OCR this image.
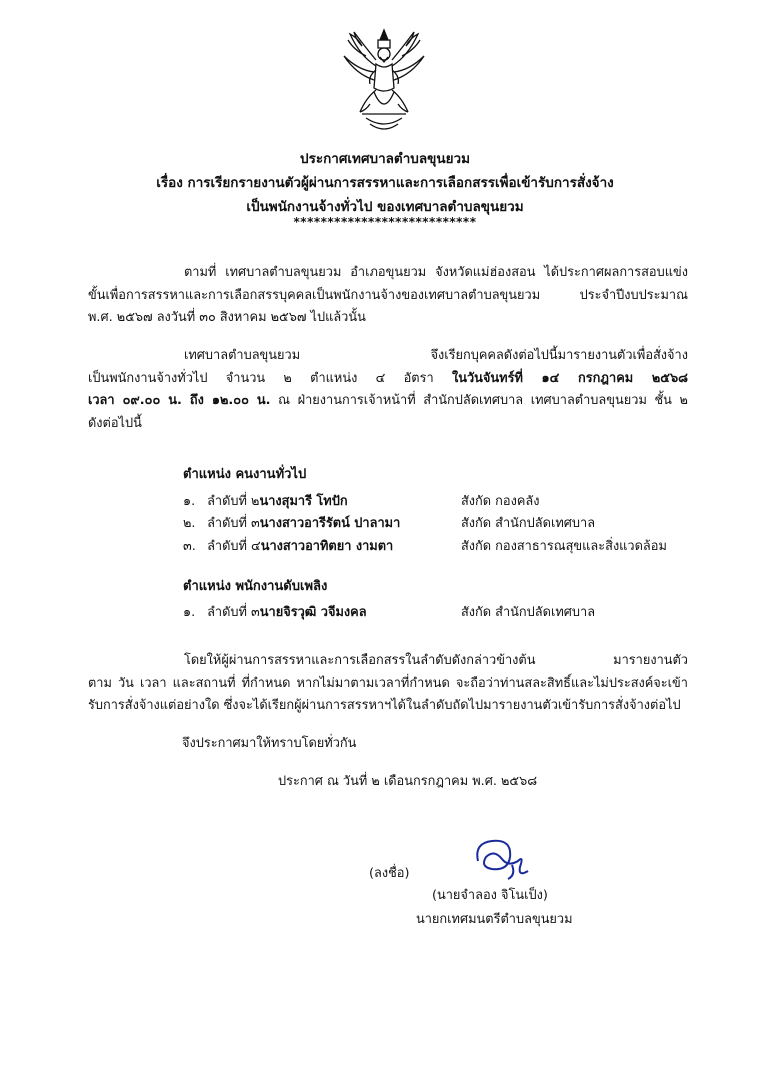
ประกาศเทศบาลตำบลขุนยวม
เรื่อง การเรียกรายงานตัวผู้ผ่านการสรรหาและการเลือกสรรเพื่อเข้ารับการสั่งจ้าง
เป็นพนักงานจ้างทั่วไป ของเทศบาลตำบลขุนยวม
***************************
ตามที่ เทศบาลตำบลขุนยวม อำเภอขุนยวม จังหวัดแม่ฮ่องสอน ได้ประกาศผลการสอบแข่ง
ขั้นเพื่อการสรรหาและการเลือกสรรบุคคลเป็นพนักงานจ้างของเทศบาลตำบลขุนยวม ประจำปีงบประมาณ
พ.ศ. ๒๕๖๗ ลงวันที่ ๓๐ สิงหาคม ๒๕๖๗ ไปแล้วนั้น
เทศบาลตำบลขุนยวม จึงเรียกบุคคลดังต่อไปนี้มารายงานตัวเพื่อสั่งจ้าง
เป็นพนักงานจ้างทั่วไป จำนวน ๒ ตำแหน่ง ๔ อัตรา ในวันจันทร์ที่ ๑๔ กรกฎาคม ๒๕๖๘
เวลา ๐๙.๐๐ น. ถึง ๑๒.๐๐ น. ณ ฝ่ายงานการเจ้าหน้าที่ สำนักปลัดเทศบาล เทศบาลตำบลขุนยวม ชั้น ๒
ดังต่อไปนี้
ตำแหน่ง คนงานทั่วไป
๑. ลำดับที่ ๒นางสุมารี โทปัก	สังกัด กองคลัง
๒. ลำดับที่ ๓นางสาวอารีรัตน์ ปาลามา	สังกัด สำนักปลัดเทศบาล
๓. ลำดับที่ ๔นางสาวอาทิตยา งามตา	สังกัด กองสาธารณสุขและสิ่งแวดล้อม
ตำแหน่ง พนักงานดับเพลิง
๑. ลำดับที่ ๓นายจิรวุฒิ วจีมงคล	สังกัด สำนักปลัดเทศบาล
โดยให้ผู้ผ่านการสรรหาและการเลือกสรรในลำดับดังกล่าวข้างต้น มารายงานตัว
ตาม วัน เวลา และสถานที่ ที่กำหนด หากไม่มาตามเวลาที่กำหนด จะถือว่าท่านสละสิทธิ์และไม่ประสงค์จะเข้า
รับการสั่งจ้างแต่อย่างใด ซึ่งจะได้เรียกผู้ผ่านการสรรหาฯได้ในลำดับถัดไปมารายงานตัวเข้ารับการสั่งจ้างต่อไป
จึงประกาศมาให้ทราบโดยทั่วกัน
ประกาศ ณ วันที่ ๒ เดือนกรกฎาคม พ.ศ. ๒๕๖๘
(ลงชื่อ)
(นายจำลอง จิโนเป็ง)
นายกเทศมนตรีตำบลขุนยวม
